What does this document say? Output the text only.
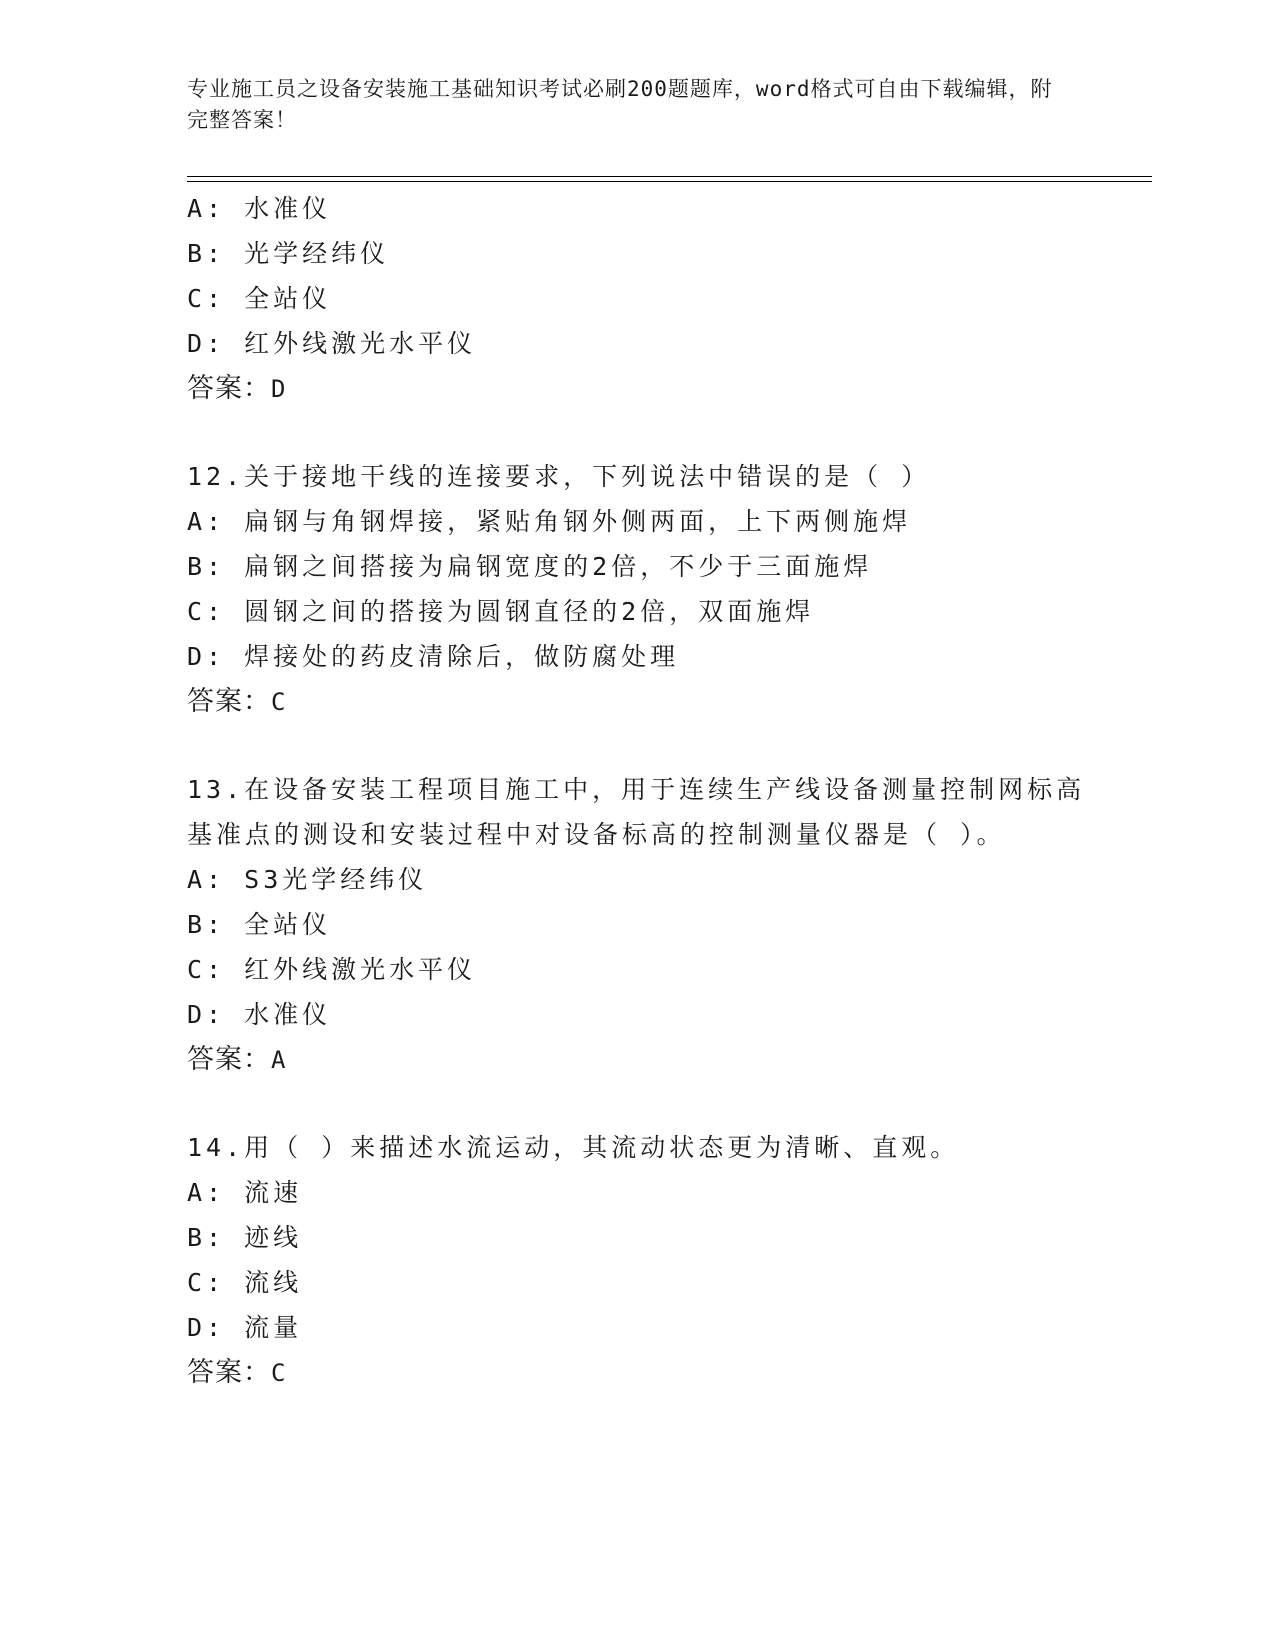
专业施工员之设备安装施工基础知识考试必刷200题题库，word格式可自由下载编辑，附完整答案！
A: 水准仪
B: 光学经纬仪
C: 全站仪
D: 红外线激光水平仪
答案：D
12.关于接地干线的连接要求，下列说法中错误的是（ ）
A: 扁钢与角钢焊接，紧贴角钢外侧两面，上下两侧施焊
B: 扁钢之间搭接为扁钢宽度的2倍，不少于三面施焊
C: 圆钢之间的搭接为圆钢直径的2倍，双面施焊
D: 焊接处的药皮清除后，做防腐处理
答案：C
13.在设备安装工程项目施工中，用于连续生产线设备测量控制网标高
基准点的测设和安装过程中对设备标高的控制测量仪器是（ ）。
A: S3光学经纬仪
B: 全站仪
C: 红外线激光水平仪
D: 水准仪
答案：A
14.用（ ）来描述水流运动，其流动状态更为清晰、直观。
A: 流速
B: 迹线
C: 流线
D: 流量
答案：C
